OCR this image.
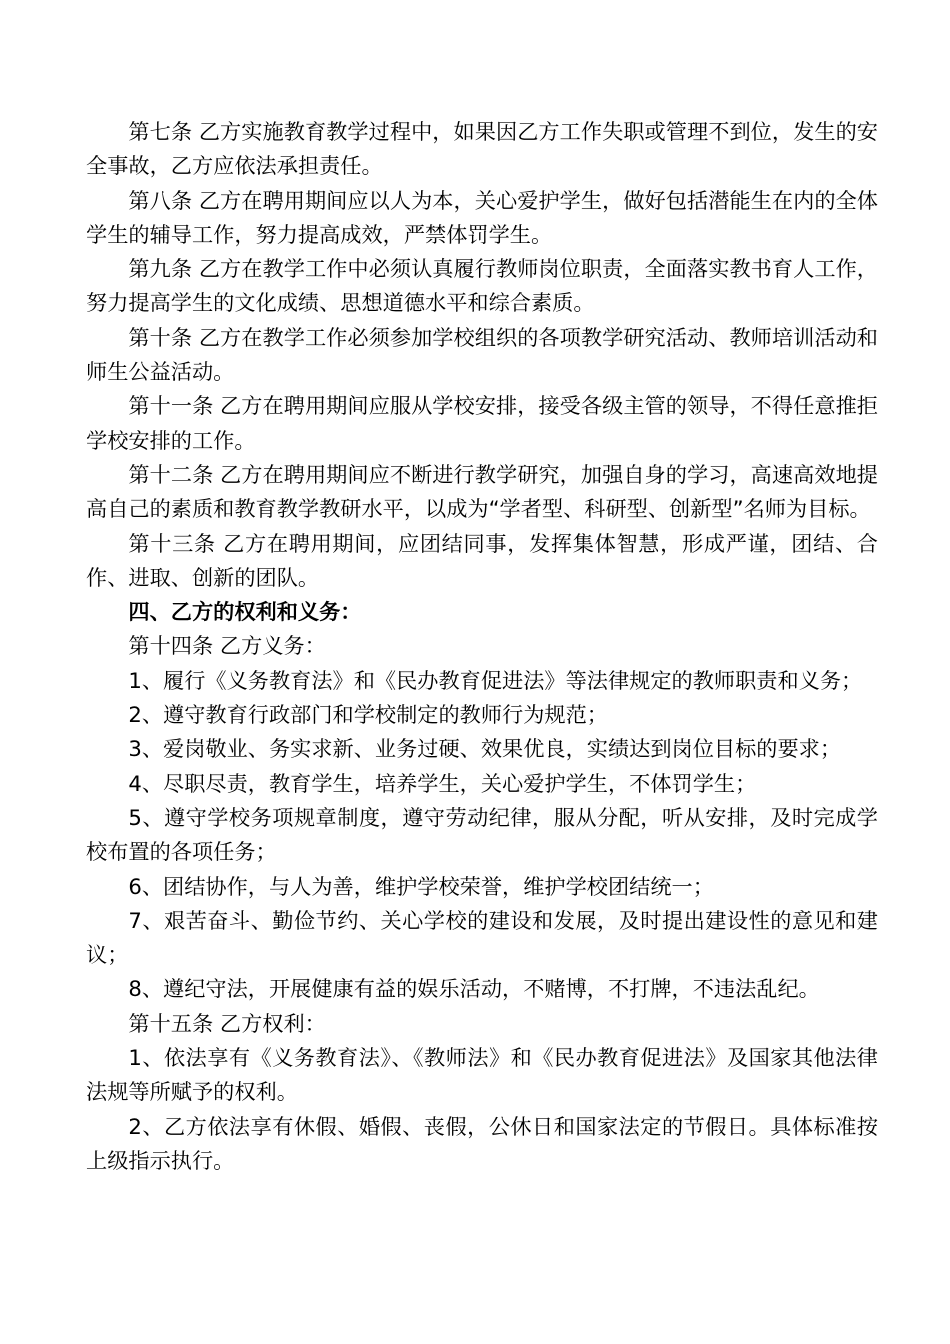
第七条 乙方实施教育教学过程中，如果因乙方工作失职或管理不到位，发生的安全事故，乙方应依法承担责任。

第八条 乙方在聘用期间应以人为本，关心爱护学生，做好包括潜能生在内的全体学生的辅导工作，努力提高成效，严禁体罚学生。

第九条 乙方在教学工作中必须认真履行教师岗位职责，全面落实教书育人工作，努力提高学生的文化成绩、思想道德水平和综合素质。

第十条 乙方在教学工作必须参加学校组织的各项教学研究活动、教师培训活动和师生公益活动。

第十一条 乙方在聘用期间应服从学校安排，接受各级主管的领导，不得任意推拒学校安排的工作。

第十二条 乙方在聘用期间应不断进行教学研究，加强自身的学习，高速高效地提高自己的素质和教育教学教研水平，以成为“学者型、科研型、创新型”名师为目标。

第十三条 乙方在聘用期间，应团结同事，发挥集体智慧，形成严谨，团结、合作、进取、创新的团队。

四、乙方的权利和义务：

第十四条 乙方义务：

1、履行《义务教育法》和《民办教育促进法》等法律规定的教师职责和义务；

2、遵守教育行政部门和学校制定的教师行为规范；

3、爱岗敬业、务实求新、业务过硬、效果优良，实绩达到岗位目标的要求；

4、尽职尽责，教育学生，培养学生，关心爱护学生，不体罚学生；

5、遵守学校务项规章制度，遵守劳动纪律，服从分配，听从安排，及时完成学校布置的各项任务；

6、团结协作，与人为善，维护学校荣誉，维护学校团结统一；

7、艰苦奋斗、勤俭节约、关心学校的建设和发展，及时提出建设性的意见和建议；

8、遵纪守法，开展健康有益的娱乐活动，不赌博，不打牌，不违法乱纪。

第十五条 乙方权利：

1、依法享有《义务教育法》、《教师法》和《民办教育促进法》及国家其他法律法规等所赋予的权利。

2、乙方依法享有休假、婚假、丧假，公休日和国家法定的节假日。具体标准按上级指示执行。
